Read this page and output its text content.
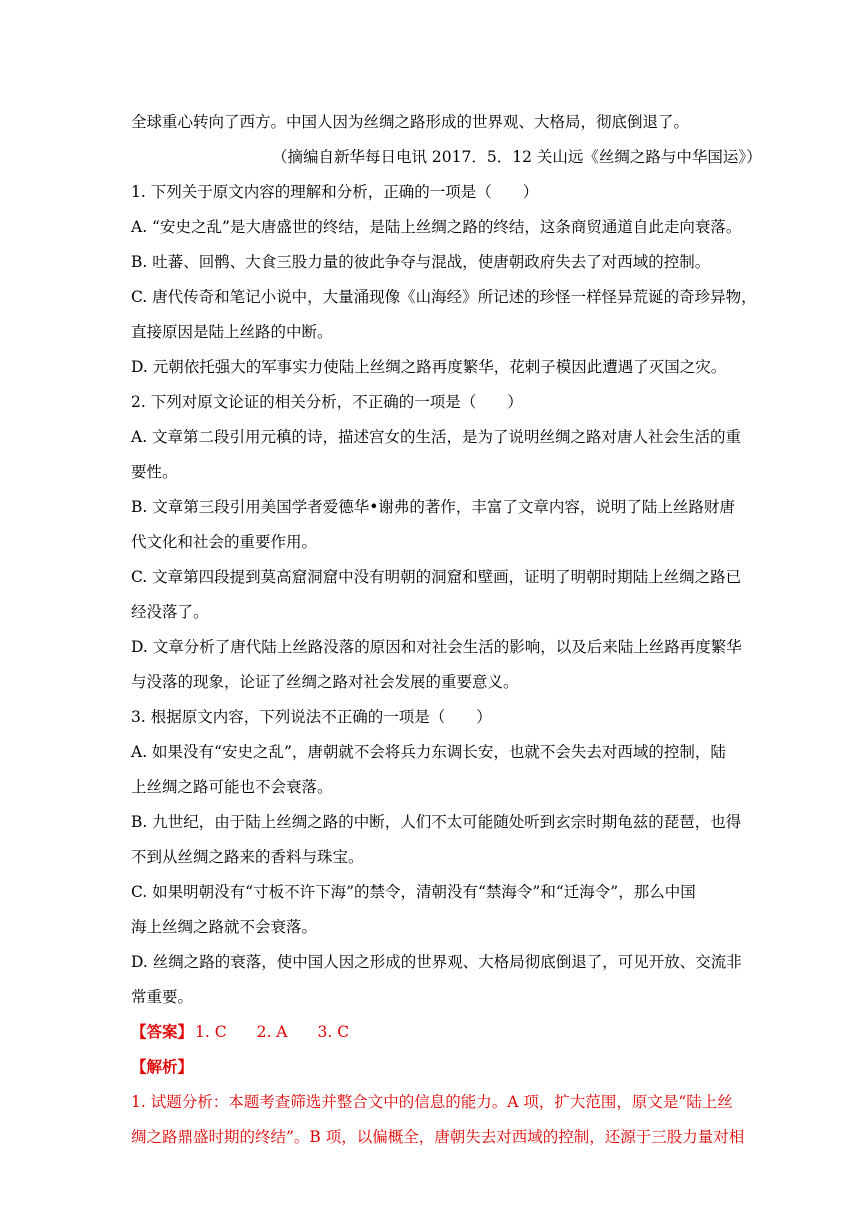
全球重心转向了西方。中国人因为丝绸之路形成的世界观、大格局，彻底倒退了。
（摘编自新华每日电讯 2017．5．12 关山远《丝绸之路与中华国运》）
1. 下列关于原文内容的理解和分析，正确的一项是（　　）
A. “安史之乱”是大唐盛世的终结，是陆上丝绸之路的终结，这条商贸通道自此走向衰落。
B. 吐蕃、回鹘、大食三股力量的彼此争夺与混战，使唐朝政府失去了对西域的控制。
C. 唐代传奇和笔记小说中，大量涌现像《山海经》所记述的珍怪一样怪异荒诞的奇珍异物，
直接原因是陆上丝路的中断。
D. 元朝依托强大的军事实力使陆上丝绸之路再度繁华，花剌子模因此遭遇了灭国之灾。
2. 下列对原文论证的相关分析，不正确的一项是（　　）
A. 文章第二段引用元稹的诗，描述宫女的生活，是为了说明丝绸之路对唐人社会生活的重
要性。
B. 文章第三段引用美国学者爱德华•谢弗的著作，丰富了文章内容，说明了陆上丝路财唐
代文化和社会的重要作用。
C. 文章第四段提到莫高窟洞窟中没有明朝的洞窟和壁画，证明了明朝时期陆上丝绸之路已
经没落了。
D. 文章分析了唐代陆上丝路没落的原因和对社会生活的影响，以及后来陆上丝路再度繁华
与没落的现象，论证了丝绸之路对社会发展的重要意义。
3. 根据原文内容，下列说法不正确的一项是（　　）
A. 如果没有“安史之乱”，唐朝就不会将兵力东调长安，也就不会失去对西域的控制，陆
上丝绸之路可能也不会衰落。
B. 九世纪，由于陆上丝绸之路的中断，人们不太可能随处听到玄宗时期龟兹的琵琶，也得
不到从丝绸之路来的香料与珠宝。
C. 如果明朝没有“寸板不许下海”的禁令，清朝没有“禁海令”和“迁海令”，那么中国
海上丝绸之路就不会衰落。
D. 丝绸之路的衰落，使中国人因之形成的世界观、大格局彻底倒退了，可见开放、交流非
常重要。
【答案】 1. C 2. A 3. C
【解析】
1. 试题分析：本题考查筛选并整合文中的信息的能力。A 项，扩大范围，原文是“陆上丝
绸之路鼎盛时期的终结”。B 项，以偏概全，唐朝失去对西域的控制，还源于三股力量对相
